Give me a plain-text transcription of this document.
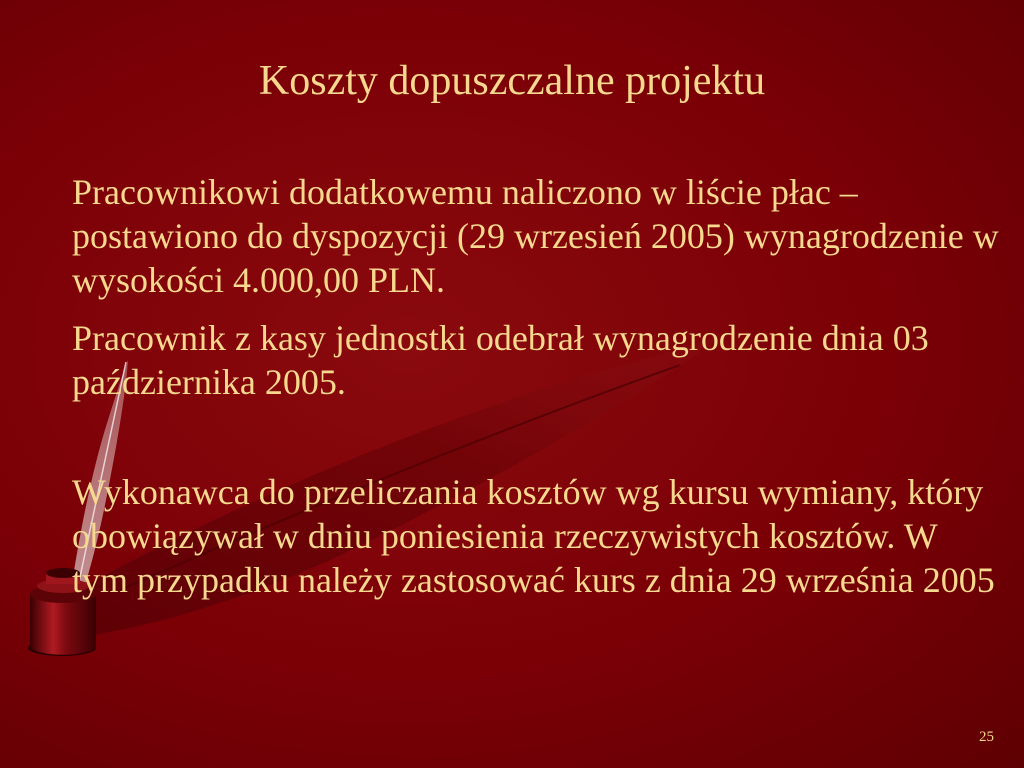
Koszty dopuszczalne projektu

Pracownikowi dodatkowemu naliczono w liście płac – postawiono do dyspozycji (29 wrzesień 2005) wynagrodzenie w wysokości 4.000,00 PLN.

Pracownik z kasy jednostki odebrał wynagrodzenie dnia 03 października 2005.

Wykonawca do przeliczania kosztów wg kursu wymiany, który obowiązywał w dniu poniesienia rzeczywistych kosztów. W tym przypadku należy zastosować kurs z dnia 29 września 2005

25
